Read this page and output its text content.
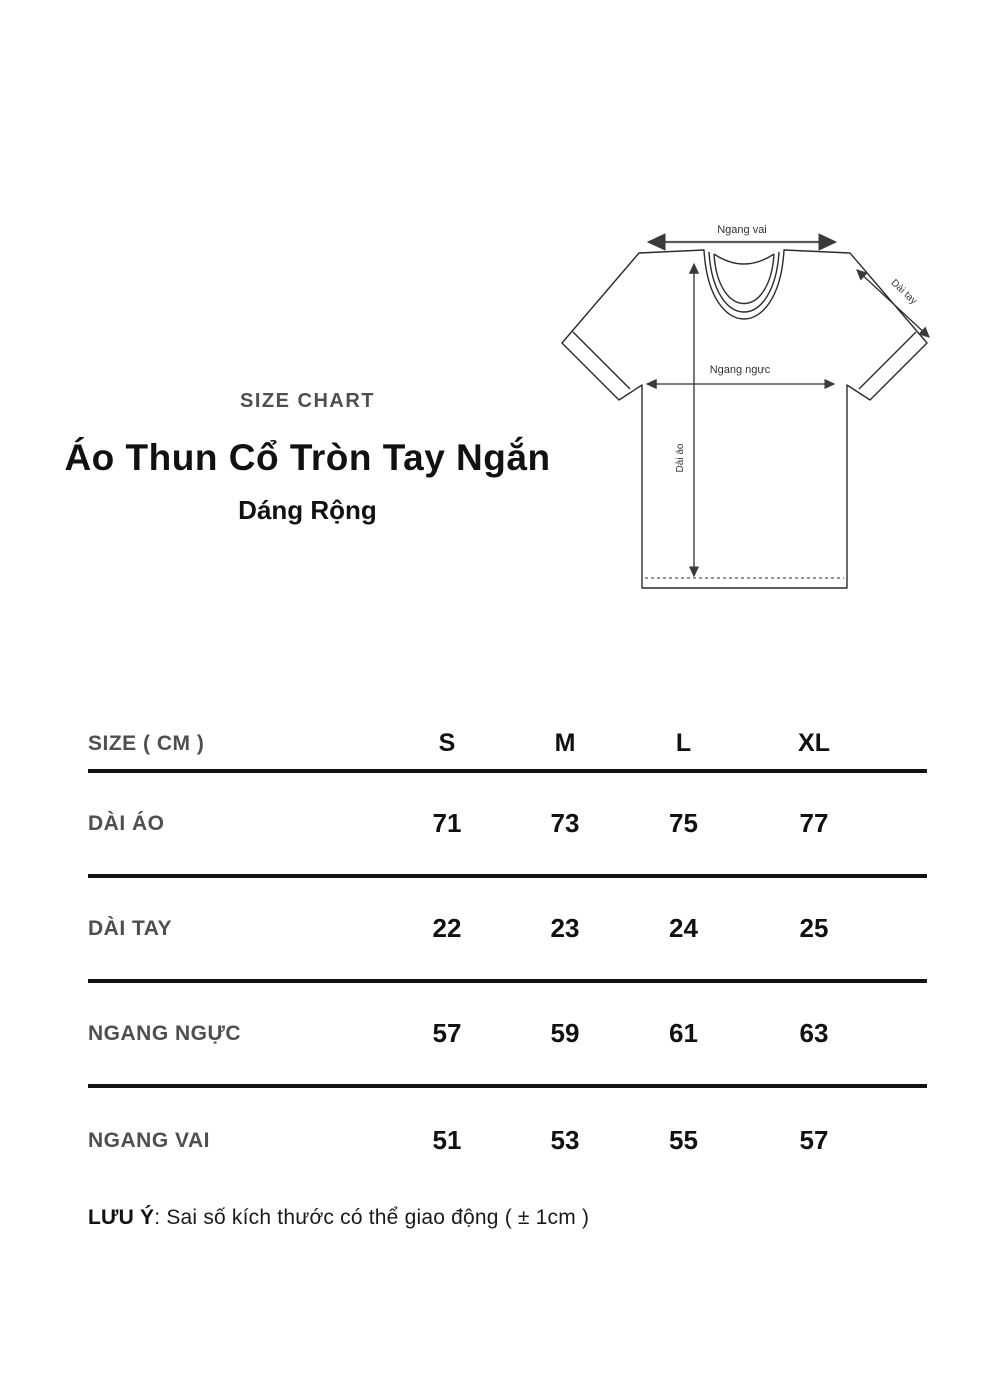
SIZE CHART
Áo Thun Cổ Tròn Tay Ngắn
Dáng Rộng
Ngang vai
Dài tay
Ngang ngực
Dài áo
SIZE ( CM )	S	M	L	XL
DÀI ÁO	71	73	75	77
DÀI TAY	22	23	24	25
NGANG NGỰC	57	59	61	63
NGANG VAI	51	53	55	57

LƯU Ý: Sai số kích thước có thể giao động ( ± 1cm )
